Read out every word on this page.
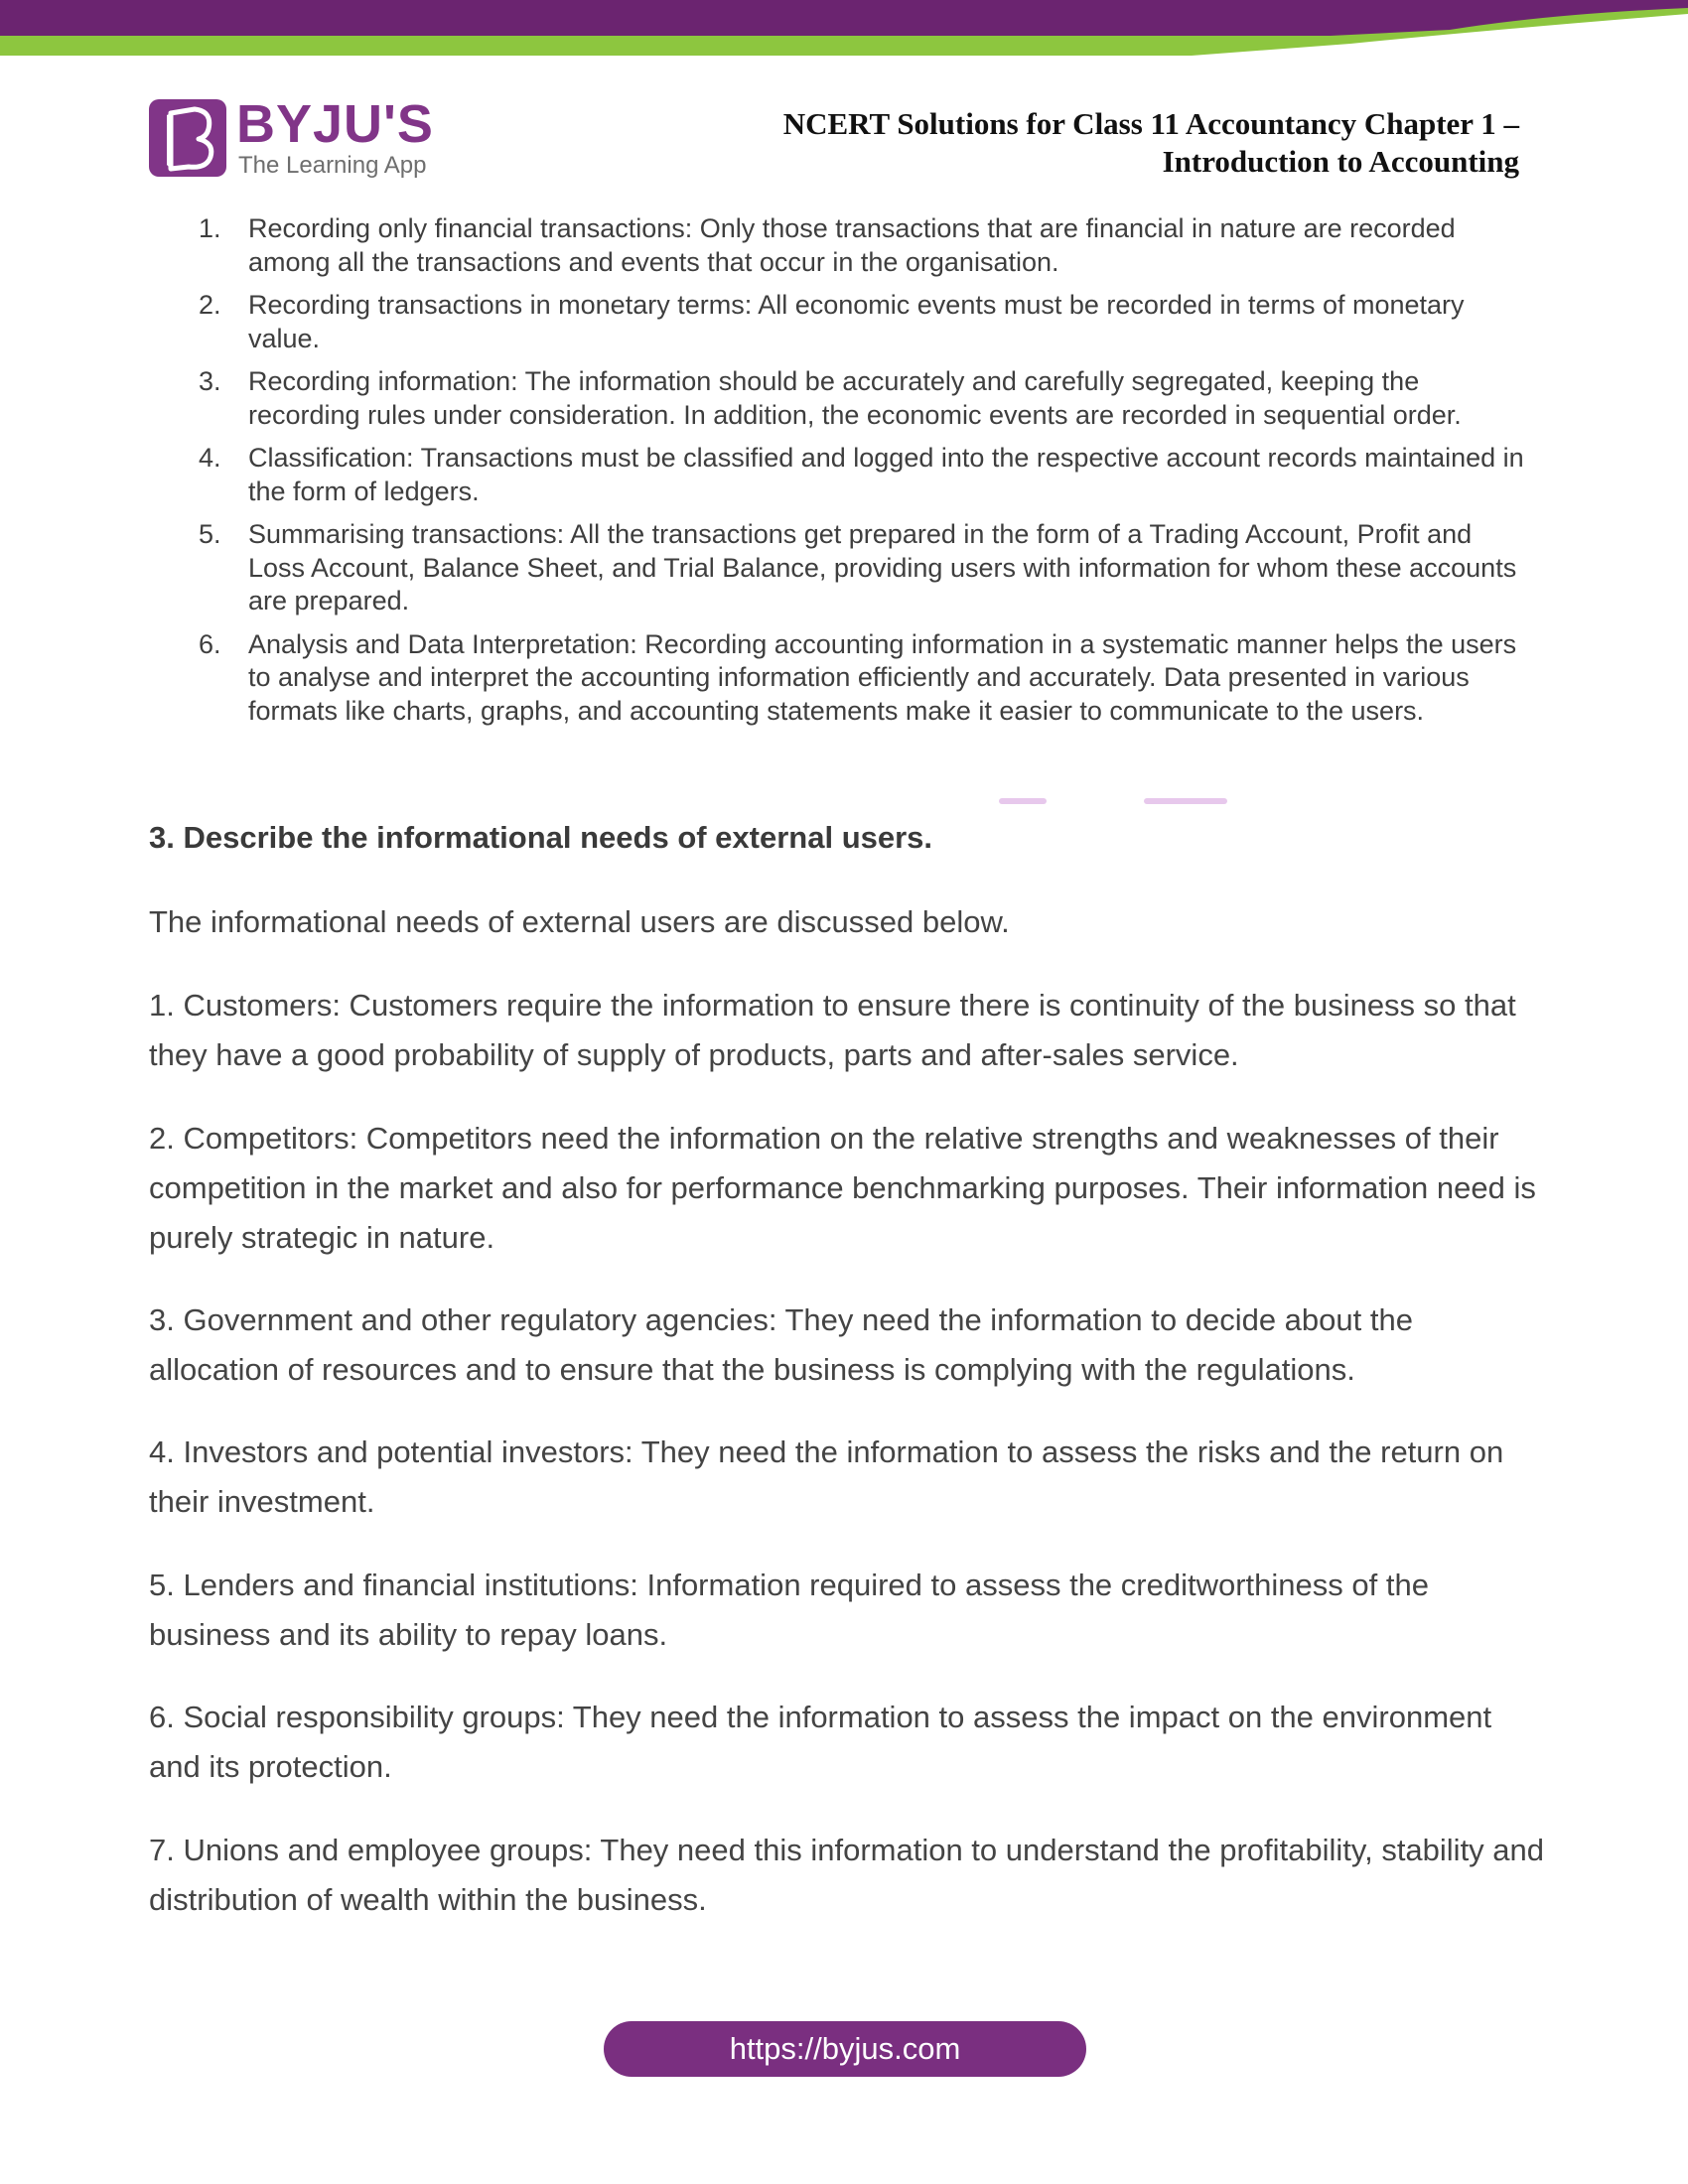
BYJU'S
The Learning App
NCERT Solutions for Class 11 Accountancy Chapter 1 –
Introduction to Accounting
1. Recording only financial transactions: Only those transactions that are financial in nature are recorded among all the transactions and events that occur in the organisation.
2. Recording transactions in monetary terms: All economic events must be recorded in terms of monetary value.
3. Recording information: The information should be accurately and carefully segregated, keeping the recording rules under consideration. In addition, the economic events are recorded in sequential order.
4. Classification: Transactions must be classified and logged into the respective account records maintained in the form of ledgers.
5. Summarising transactions: All the transactions get prepared in the form of a Trading Account, Profit and Loss Account, Balance Sheet, and Trial Balance, providing users with information for whom these accounts are prepared.
6. Analysis and Data Interpretation: Recording accounting information in a systematic manner helps the users to analyse and interpret the accounting information efficiently and accurately. Data presented in various formats like charts, graphs, and accounting statements make it easier to communicate to the users.
3. Describe the informational needs of external users.

The informational needs of external users are discussed below.

1. Customers: Customers require the information to ensure there is continuity of the business so that they have a good probability of supply of products, parts and after-sales service.

2. Competitors: Competitors need the information on the relative strengths and weaknesses of their competition in the market and also for performance benchmarking purposes. Their information need is purely strategic in nature.

3. Government and other regulatory agencies: They need the information to decide about the allocation of resources and to ensure that the business is complying with the regulations.

4. Investors and potential investors: They need the information to assess the risks and the return on their investment.

5. Lenders and financial institutions: Information required to assess the creditworthiness of the business and its ability to repay loans.

6. Social responsibility groups: They need the information to assess the impact on the environment and its protection.

7. Unions and employee groups: They need this information to understand the profitability, stability and distribution of wealth within the business.

https://byjus.com
